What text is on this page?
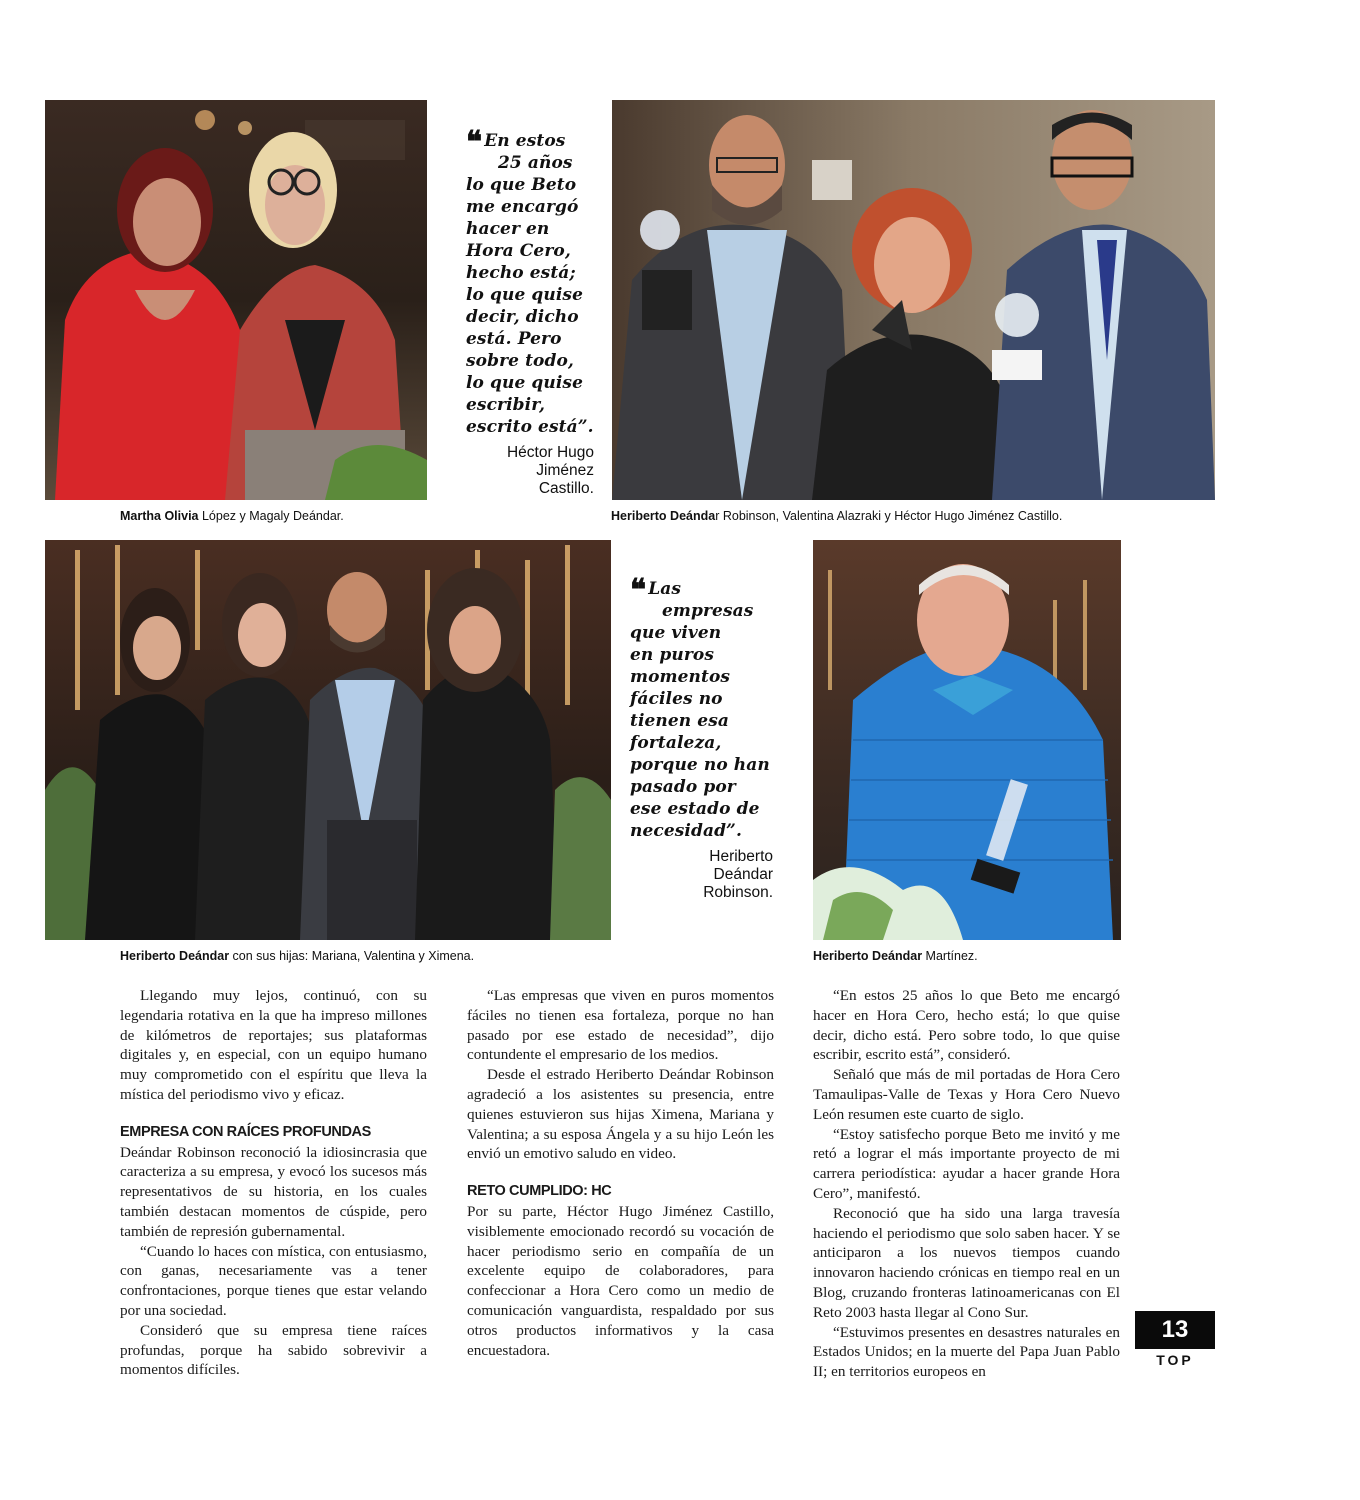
Martha Olivia López y Magaly Deándar.

❝ En estos
25 años
lo que Beto
me encargó
hacer en
Hora Cero,
hecho está;
lo que quise
decir, dicho
está. Pero
sobre todo,
lo que quise
escribir,
escrito está”.

Héctor Hugo
Jiménez
Castillo.
Heriberto Deándar Robinson, Valentina Alazraki y Héctor Hugo Jiménez Castillo.
Heriberto Deándar con sus hijas: Mariana, Valentina y Ximena.

❝ Las
empresas
que viven
en puros
momentos
fáciles no
tienen esa
fortaleza,
porque no han
pasado por
ese estado de
necesidad”.

Heriberto
Deándar
Robinson.
Heriberto Deándar Martínez.

Llegando muy lejos, continuó, con su legendaria rotativa en la que ha impreso millones de kilómetros de reportajes; sus plataformas digitales y, en especial, con un equipo humano muy comprometido con el espíritu que lleva la mística del periodismo vivo y eficaz.

EMPRESA CON RAÍCES PROFUNDAS

Deándar Robinson reconoció la idiosincrasia que caracteriza a su empresa, y evocó los sucesos más representativos de su historia, en los cuales también destacan momentos de cúspide, pero también de represión gubernamental.

“Cuando lo haces con mística, con entusiasmo, con ganas, necesariamente vas a tener confrontaciones, porque tienes que estar velando por una sociedad.

Consideró que su empresa tiene raíces profundas, porque ha sabido sobrevivir a momentos difíciles.

“Las empresas que viven en puros momentos fáciles no tienen esa fortaleza, porque no han pasado por ese estado de necesidad”, dijo contundente el empresario de los medios.

Desde el estrado Heriberto Deándar Robinson agradeció a los asistentes su presencia, entre quienes estuvieron sus hijas Ximena, Mariana y Valentina; a su esposa Ángela y a su hijo León les envió un emotivo saludo en video.

RETO CUMPLIDO: HC

Por su parte, Héctor Hugo Jiménez Castillo, visiblemente emocionado recordó su vocación de hacer periodismo serio en compañía de un excelente equipo de colaboradores, para confeccionar a Hora Cero como un medio de comunicación vanguardista, respaldado por sus otros productos informativos y la casa encuestadora.

“En estos 25 años lo que Beto me encargó hacer en Hora Cero, hecho está; lo que quise decir, dicho está. Pero sobre todo, lo que quise escribir, escrito está”, consideró.

Señaló que más de mil portadas de Hora Cero Tamaulipas-Valle de Texas y Hora Cero Nuevo León resumen este cuarto de siglo.

“Estoy satisfecho porque Beto me invitó y me retó a lograr el más importante proyecto de mi carrera periodística: ayudar a hacer grande Hora Cero”, manifestó.

Reconoció que ha sido una larga travesía haciendo el periodismo que solo saben hacer. Y se anticiparon a los nuevos tiempos cuando innovaron haciendo crónicas en tiempo real en un Blog, cruzando fronteras latinoamericanas con El Reto 2003 hasta llegar al Cono Sur.

“Estuvimos presentes en desastres naturales en Estados Unidos; en la muerte del Papa Juan Pablo II; en territorios europeos en

13
TOP
